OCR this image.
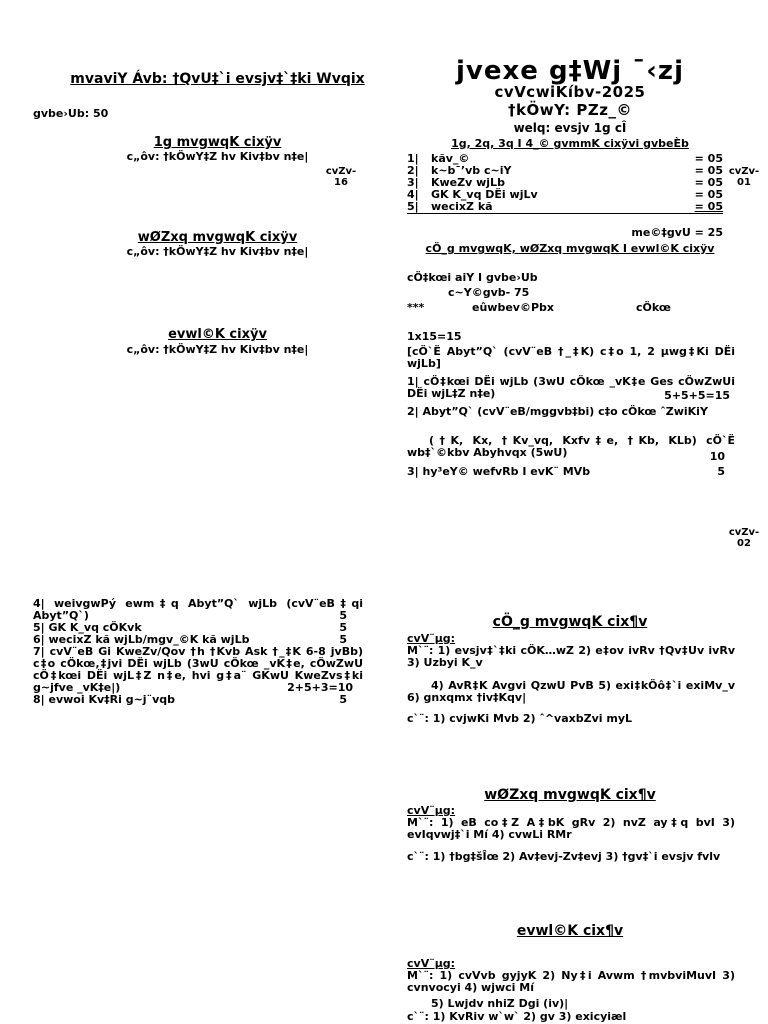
mvaviY Ávb: †QvU‡`i evsjv‡`‡ki Wvqix
gvbe›Ub: 50
1g mvgwqK cixÿv
c„ôv: †kÖwY‡Z hv Kiv‡bv n‡e|
cvZv- 16
wØZxq mvgwqK cixÿv
c„ôv: †kÖwY‡Z hv Kiv‡bv n‡e|
evwl©K cixÿv
c„ôv: †kÖwY‡Z hv Kiv‡bv n‡e|
jvexe g‡Wj ¯‹zj
cvVcwiKíbv-2025
†kÖwY: PZz_©
welq: evsjv 1g cÎ
1g, 2q, 3q I 4_© gvmmK cixÿvi gvbeÈb
1|	kãv_©	= 05
2|	k~b¯’vb c~iY	= 05
3|	KweZv wjLb	= 05
4|	GK K_vq DËi wjLv	= 05
5|	wecixZ kã	= 05
cvZv- 01
me©‡gvU = 25
cÖ_g mvgwqK, wØZxq mvgwqK I evwl©K cixÿv
cÖ‡kœi aiY I gvbe›Ub
c~Y©gvb- 75
***	eûwbev©Pbx	cÖkœ
1x15=15
[cÖ`Ë Abyt”Q` (cvV¨eB †_‡K) c‡o 1, 2 µwg‡Ki DËi wjLb]
1| cÖ‡kœi DËi wjLb (3wU cÖkœ _vK‡e Ges cÖwZwUi DËi wjL‡Z n‡e)	5+5+5=15
2| Abyt”Q` (cvV¨eB/mggvb‡bi) c‡o cÖkœ ˆZwiKiY
(†K, Kx, †Kv_vq, Kxfv‡e, †Kb, KLb) cÖ`Ë wb‡`©kbv Abyhvqx (5wU)	10
3| hy³eY© wefvRb I evK¨ MVb	5
cvZv- 02
4| weivgwPý ewm‡q Abyt”Q` wjLb (cvV¨eB‡qi Abyt”Q`)	5
5| GK K_vq cÖKvk	5
6| wecixZ kã wjLb/mgv_©K kã wjLb	5
7| cvV¨eB Gi KweZv/Qov †h †Kvb Ask †_‡K 6-8 jvBb) c‡o cÖkœ‚‡jvi DËi wjLb (3wU cÖkœ _vK‡e, cÖwZwU cÖ‡kœi DËi wjL‡Z n‡e, hvi g‡a¨ GKwU KweZvs‡ki g~jfve _vK‡e|)	2+5+3=10
8| evwoi Kv‡Ri g~j¨vqb	5
cÖ_g mvgwqK cix¶v
cvV¨µg:
M`¨: 1) evsjv‡`‡ki cÖK…wZ 2) e‡ov ivRv †Qv‡Uv ivRv 3) Uzbyi K_v
4) AvR‡K Avgvi QzwU PvB 5) exi‡kÖô‡`i exiMv_v 6) gnxqmx †iv‡Kqv|
c`¨: 1) cvjwKi Mvb 2) ˆ^vaxbZvi myL
wØZxq mvgwqK cix¶v
cvV¨µg:
M`¨: 1) eB co‡Z A‡bK gRv 2) nvZ ay‡q bvI 3) evIqvwj‡`i Mí 4) cvwLi RMr
c`¨: 1) †bg‡šÎœ 2) Av‡evj-Zv‡evj 3) †gv‡`i evsjv fvlv
evwl©K cix¶v
cvV¨µg:
M`¨: 1) cvVvb gyjyK 2) Ny‡i Avwm †mvbviMuvI 3) cvnvocyi 4) wjwci Mí
5) Lwjdv nhiZ Dgi (iv)|
c`¨: 1) KvRiv w`w` 2) gv 3) exicyiæl
